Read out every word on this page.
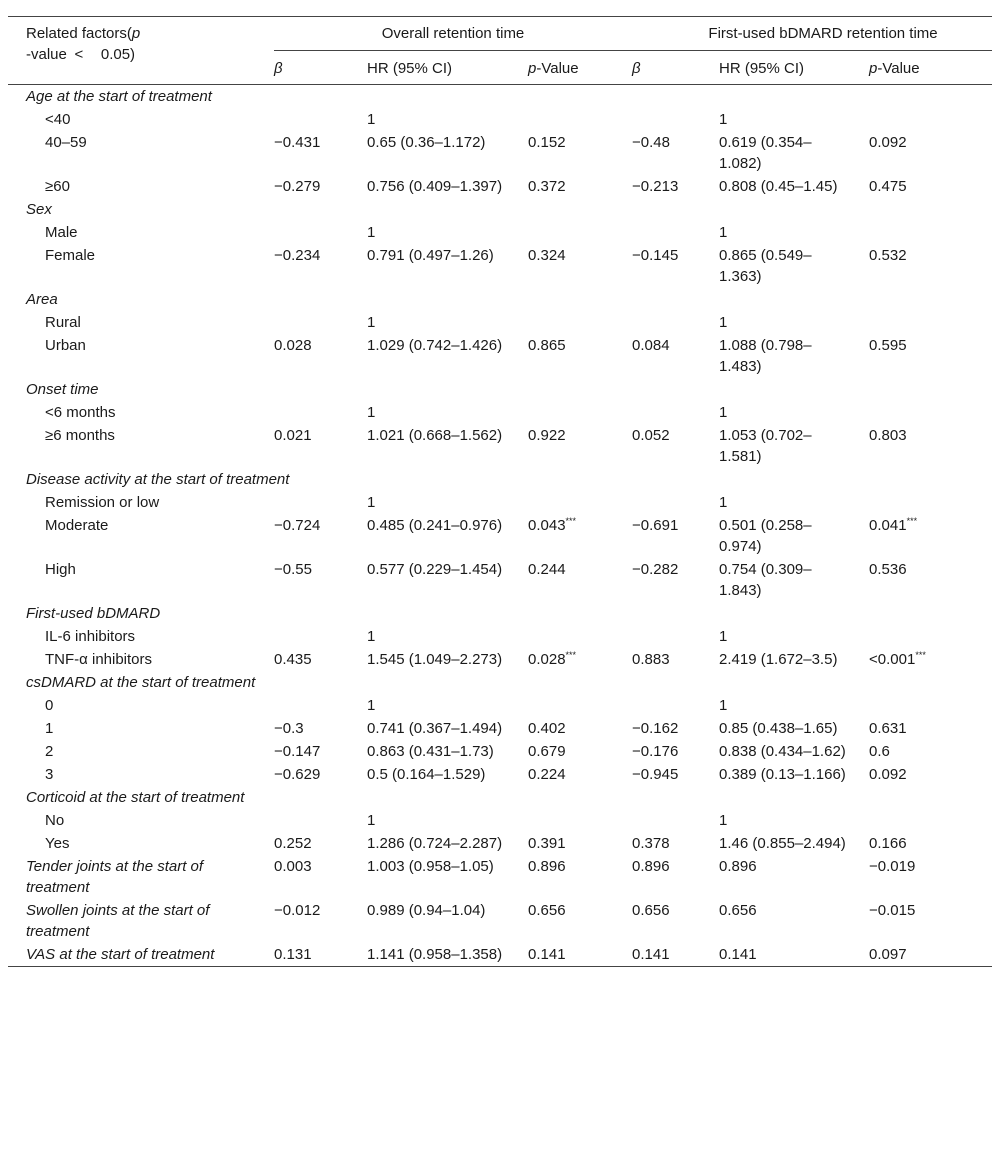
Related factors(p
-value < 0.05)	Overall retention time			First-used bDMARD retention time		
	β	HR (95% CI)	p-Value	β	HR (95% CI)	p-Value
Age at the start of treatment						
<40		1			1	
40–59	−0.431	0.65 (0.36–1.172)	0.152	−0.48	0.619 (0.354–1.082)	0.092
≥60	−0.279	0.756 (0.409–1.397)	0.372	−0.213	0.808 (0.45–1.45)	0.475
Sex						
Male		1			1	
Female	−0.234	0.791 (0.497–1.26)	0.324	−0.145	0.865 (0.549–1.363)	0.532
Area						
Rural		1			1	
Urban	0.028	1.029 (0.742–1.426)	0.865	0.084	1.088 (0.798–1.483)	0.595
Onset time						
<6 months		1			1	
≥6 months	0.021	1.021 (0.668–1.562)	0.922	0.052	1.053 (0.702–1.581)	0.803
Disease activity at the start of treatment						
Remission or low		1			1	
Moderate	−0.724	0.485 (0.241–0.976)	0.043***	−0.691	0.501 (0.258–0.974)	0.041***
High	−0.55	0.577 (0.229–1.454)	0.244	−0.282	0.754 (0.309–1.843)	0.536
First-used bDMARD						
IL-6 inhibitors		1			1	
TNF-α inhibitors	0.435	1.545 (1.049–2.273)	0.028***	0.883	2.419 (1.672–3.5)	<0.001***
csDMARD at the start of treatment						
0		1			1	
1	−0.3	0.741 (0.367–1.494)	0.402	−0.162	0.85 (0.438–1.65)	0.631
2	−0.147	0.863 (0.431–1.73)	0.679	−0.176	0.838 (0.434–1.62)	0.6
3	−0.629	0.5 (0.164–1.529)	0.224	−0.945	0.389 (0.13–1.166)	0.092
Corticoid at the start of treatment						
No		1			1	
Yes	0.252	1.286 (0.724–2.287)	0.391	0.378	1.46 (0.855–2.494)	0.166
Tender joints at the start of treatment	0.003	1.003 (0.958–1.05)	0.896	0.896	0.896	−0.019
Swollen joints at the start of treatment	−0.012	0.989 (0.94–1.04)	0.656	0.656	0.656	−0.015
VAS at the start of treatment	0.131	1.141 (0.958–1.358)	0.141	0.141	0.141	0.097
